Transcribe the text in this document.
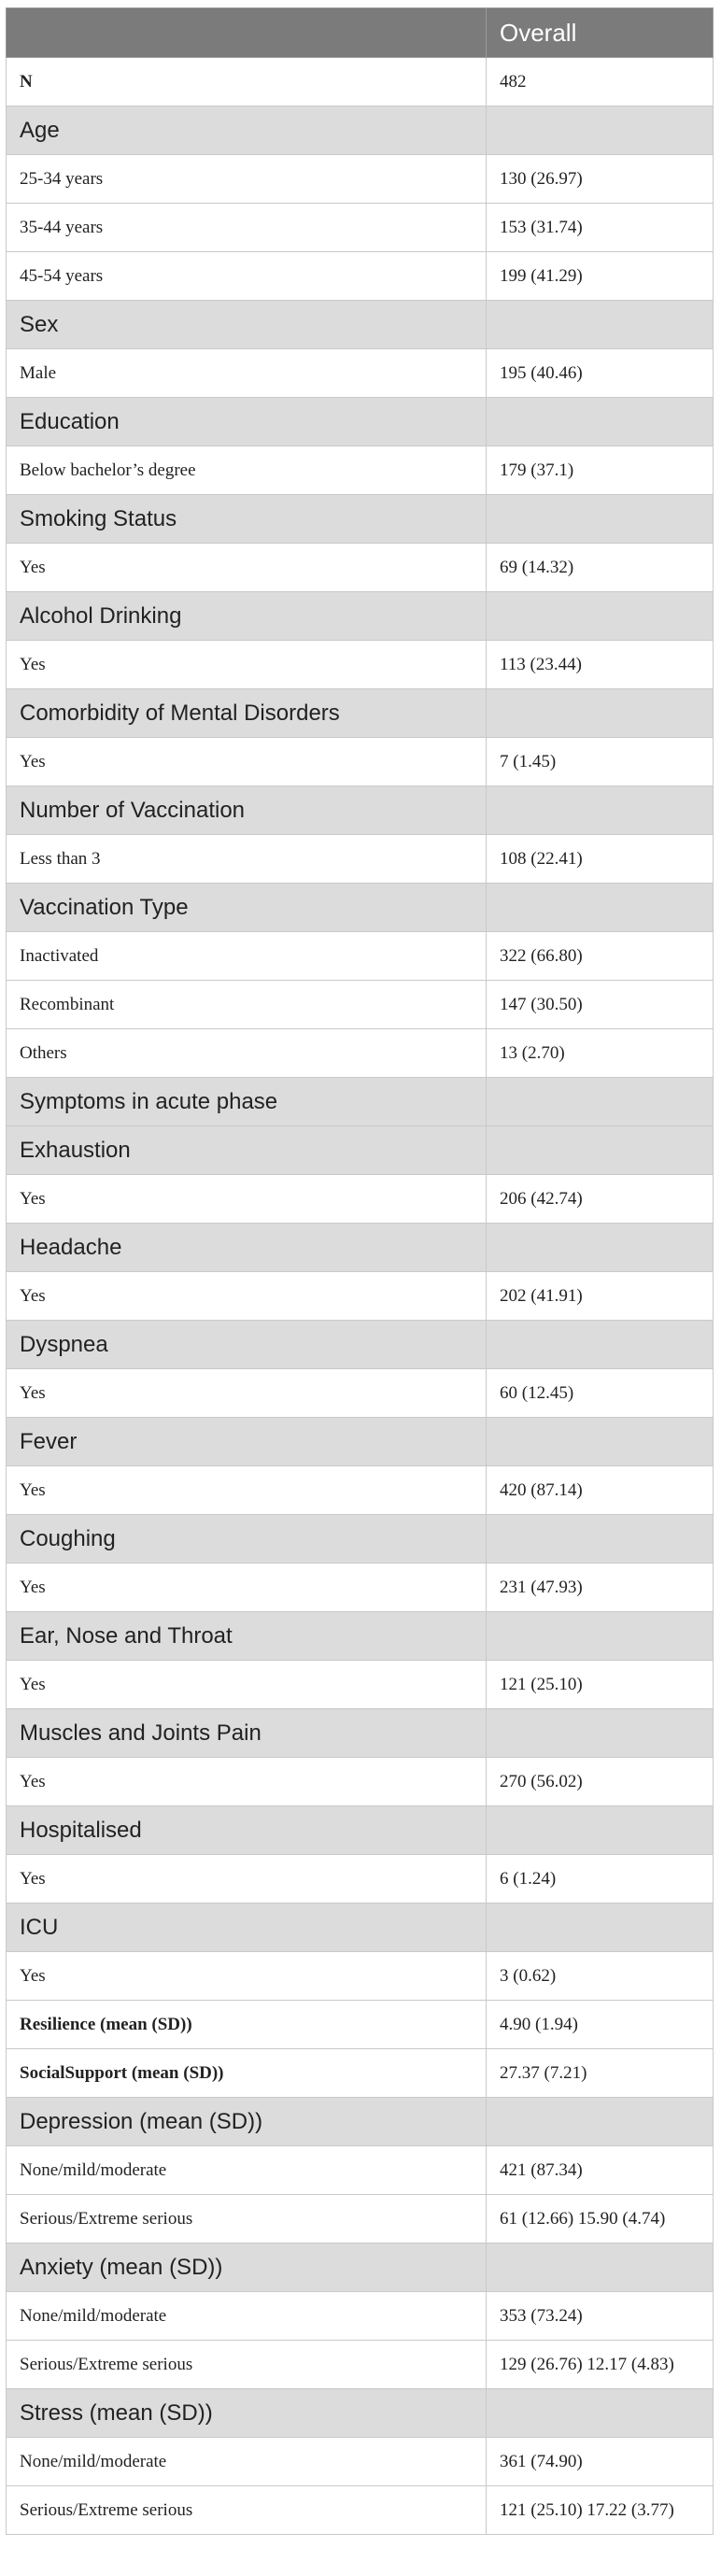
	Overall
N	482
Age	
25-34 years	130 (26.97)
35-44 years	153 (31.74)
45-54 years	199 (41.29)
Sex	
Male	195 (40.46)
Education	
Below bachelor’s degree	179 (37.1)
Smoking Status	
Yes	69 (14.32)
Alcohol Drinking	
Yes	113 (23.44)
Comorbidity of Mental Disorders	
Yes	7 (1.45)
Number of Vaccination	
Less than 3	108 (22.41)
Vaccination Type	
Inactivated	322 (66.80)
Recombinant	147 (30.50)
Others	13 (2.70)
Symptoms in acute phase	
Exhaustion	
Yes	206 (42.74)
Headache	
Yes	202 (41.91)
Dyspnea	
Yes	60 (12.45)
Fever	
Yes	420 (87.14)
Coughing	
Yes	231 (47.93)
Ear, Nose and Throat	
Yes	121 (25.10)
Muscles and Joints Pain	
Yes	270 (56.02)
Hospitalised	
Yes	6 (1.24)
ICU	
Yes	3 (0.62)
Resilience (mean (SD))	4.90 (1.94)
SocialSupport (mean (SD))	27.37 (7.21)
Depression (mean (SD))	
None/mild/moderate	421 (87.34)
Serious/Extreme serious	61 (12.66) 15.90 (4.74)
Anxiety (mean (SD))	
None/mild/moderate	353 (73.24)
Serious/Extreme serious	129 (26.76) 12.17 (4.83)
Stress (mean (SD))	
None/mild/moderate	361 (74.90)
Serious/Extreme serious	121 (25.10) 17.22 (3.77)
